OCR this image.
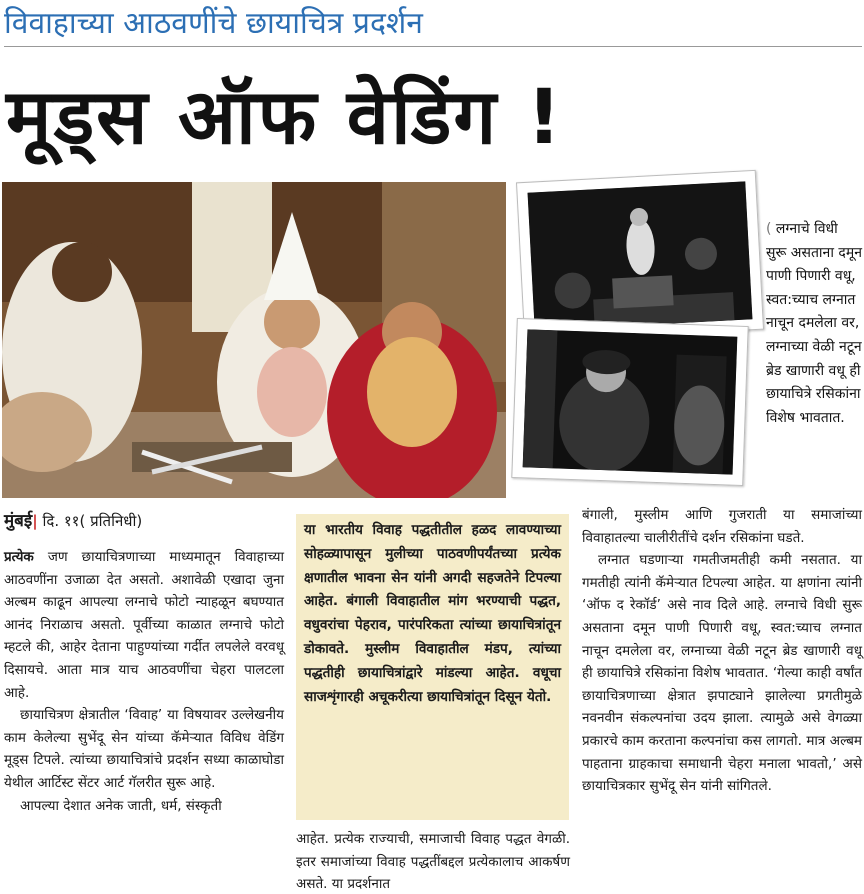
विवाहाच्या आठवणींचे छायाचित्र प्रदर्शन
मूड्स ऑफ वेडिंग !
( लग्नाचे विधी सुरू असताना दमून पाणी पिणारी वधू, स्वत:च्याच लग्नात नाचून दमलेला वर, लग्नाच्या वेळी नटून ब्रेड खाणारी वधू ही छायाचित्रे रसिकांना विशेष भावतात.
मुंबई| दि. ११( प्रतिनिधी)

प्रत्येक जण छायाचित्रणाच्या माध्यमातून विवाहाच्या आठवणींना उजाळा देत असतो. अशावेळी एखादा जुना अल्बम काढून आपल्या लग्नाचे फोटो न्याहळून बघण्यात आनंद निराळाच असतो. पूर्वीच्या काळात लग्नाचे फोटो म्हटले की, आहेर देताना पाहुण्यांच्या गर्दीत लपलेले वरवधू दिसायचे. आता मात्र याच आठवणींचा चेहरा पालटला आहे.

छायाचित्रण क्षेत्रातील ‘विवाह’ या विषयावर उल्लेखनीय काम केलेल्या सुभेंदू सेन यांच्या कॅमेऱ्यात विविध वेडिंग मूड्स टिपले. त्यांच्या छायाचित्रांचे प्रदर्शन सध्या काळाघोडा येथील आर्टिस्ट सेंटर आर्ट गॅलरीत सुरू आहे.

आपल्या देशात अनेक जाती, धर्म, संस्कृती

या भारतीय विवाह पद्धतीतील हळद लावण्याच्या सोहळ्यापासून मुलीच्या पाठवणीपर्यंतच्या प्रत्येक क्षणातील भावना सेन यांनी अगदी सहजतेने टिपल्या आहेत. बंगाली विवाहातील मांग भरण्याची पद्धत, वधुवरांचा पेहराव, पारंपरिकता त्यांच्या छायाचित्रांतून डोकावते. मुस्लीम विवाहातील मंडप, त्यांच्या पद्धतीही छायाचित्रांद्वारे मांडल्या आहेत. वधूचा साजशृंगारही अचूकरीत्या छायाचित्रांतून दिसून येतो.
आहेत. प्रत्येक राज्याची, समाजाची विवाह पद्धत वेगळी. इतर समाजांच्या विवाह पद्धतींबद्दल प्रत्येकालाच आकर्षण असते. या प्रदर्शनात

बंगाली, मुस्लीम आणि गुजराती या समाजांच्या विवाहातल्या चालीरीतींचे दर्शन रसिकांना घडते.

लग्नात घडणाऱ्या गमतीजमतीही कमी नसतात. या गमतीही त्यांनी कॅमेऱ्यात टिपल्या आहेत. या क्षणांना त्यांनी ‘ऑफ द रेकॉर्ड’ असे नाव दिले आहे. लग्नाचे विधी सुरू असताना दमून पाणी पिणारी वधू, स्वत:च्याच लग्नात नाचून दमलेला वर, लग्नाच्या वेळी नटून ब्रेड खाणारी वधू ही छायाचित्रे रसिकांना विशेष भावतात. ‘गेल्या काही वर्षांत छायाचित्रणाच्या क्षेत्रात झपाट्याने झालेल्या प्रगतीमुळे नवनवीन संकल्पनांचा उदय झाला. त्यामुळे असे वेगळ्या प्रकारचे काम करताना कल्पनांचा कस लागतो. मात्र अल्बम पाहताना ग्राहकाचा समाधानी चेहरा मनाला भावतो,’ असे छायाचित्रकार सुभेंदू सेन यांनी सांगितले.
